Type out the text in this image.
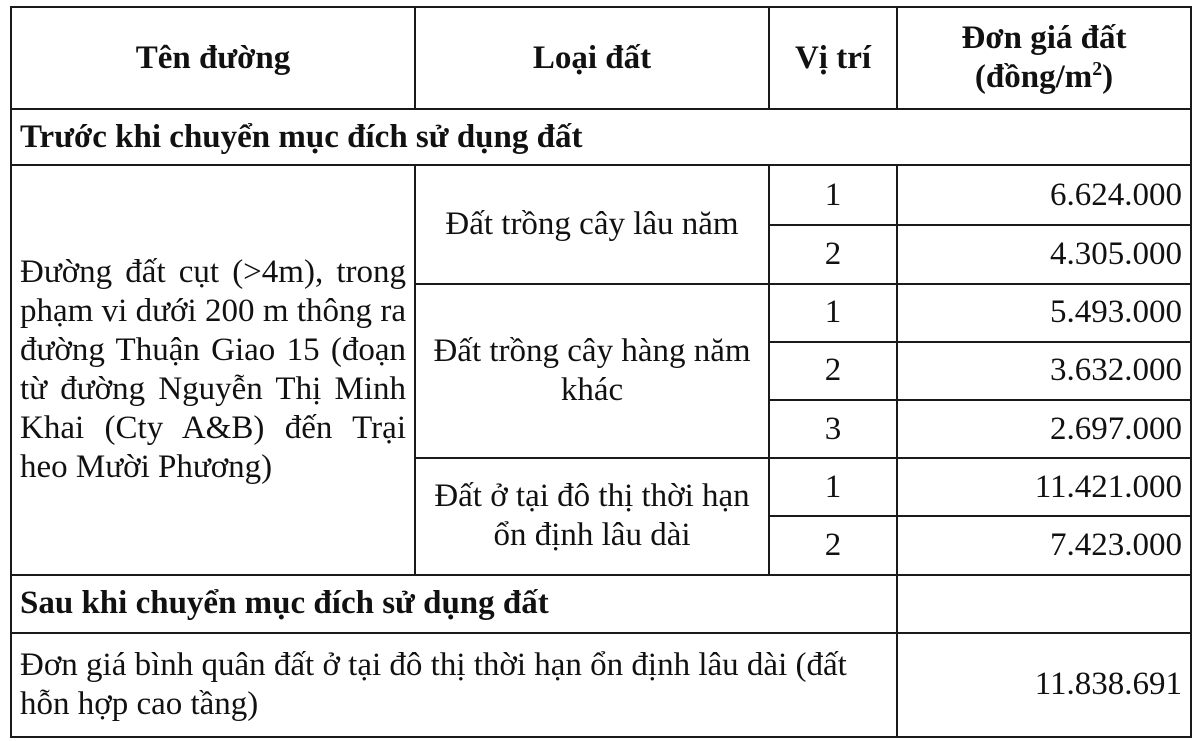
Tên đường	Loại đất	Vị trí	Đơn giá đất
$(đồng/m^2)$
Trước khi chuyển mục đích sử dụng đất			
Đường đất cụt (>4m), trong phạm vi dưới 200 m thông ra đường Thuận Giao 15 (đoạn từ đường Nguyễn Thị Minh Khai (Cty A&B) đến Trại heo Mười Phương)	Đất trồng cây lâu năm	1	6.624.000
		2	4.305.000
	Đất trồng cây hàng năm khác	1	5.493.000
		2	3.632.000
		3	2.697.000
	Đất ở tại đô thị thời hạn ổn định lâu dài	1	11.421.000
		2	7.423.000
Sau khi chuyển mục đích sử dụng đất			
Đơn giá bình quân đất ở tại đô thị thời hạn ổn định lâu dài (đất hỗn hợp cao tầng)			11.838.691
